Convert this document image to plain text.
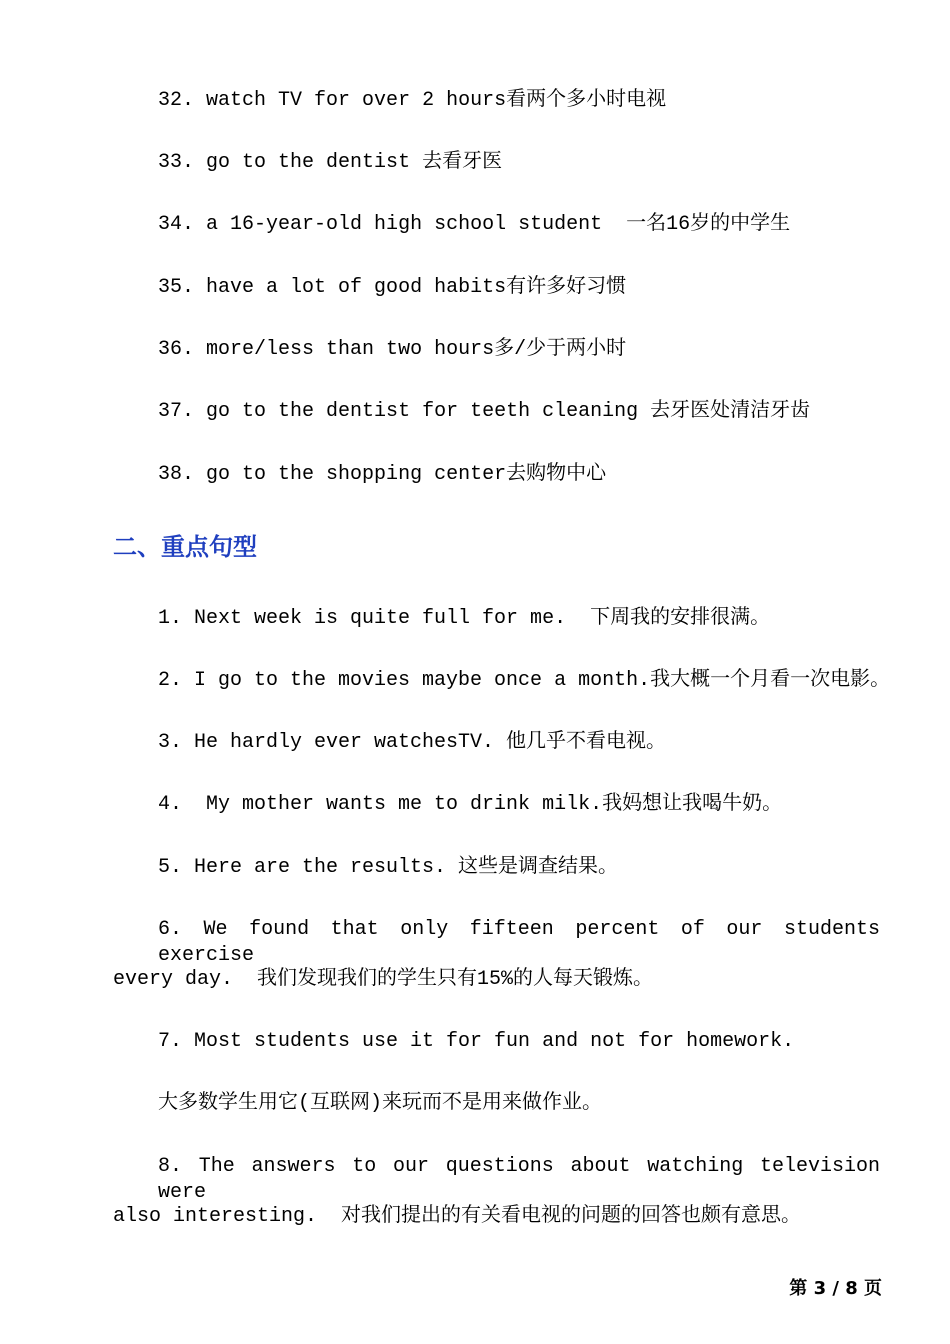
32. watch TV for over 2 hours看两个多小时电视

33. go to the dentist 去看牙医

34. a 16-year-old high school student  一名16岁的中学生

35. have a lot of good habits有许多好习惯

36. more/less than two hours多/少于两小时

37. go to the dentist for teeth cleaning 去牙医处清洁牙齿

38. go to the shopping center去购物中心

二、重点句型

1. Next week is quite full for me.  下周我的安排很满。

2. I go to the movies maybe once a month.我大概一个月看一次电影。

3. He hardly ever watchesTV. 他几乎不看电视。

4.  My mother wants me to drink milk.我妈想让我喝牛奶。

5. Here are the results. 这些是调查结果。

6. We found that only fifteen percent of our students exercise

every day.  我们发现我们的学生只有15%的人每天锻炼。

7. Most students use it for fun and not for homework.

大多数学生用它(互联网)来玩而不是用来做作业。

8. The answers to our questions about watching television were

also interesting.  对我们提出的有关看电视的问题的回答也颇有意思。

第 3 / 8 页
